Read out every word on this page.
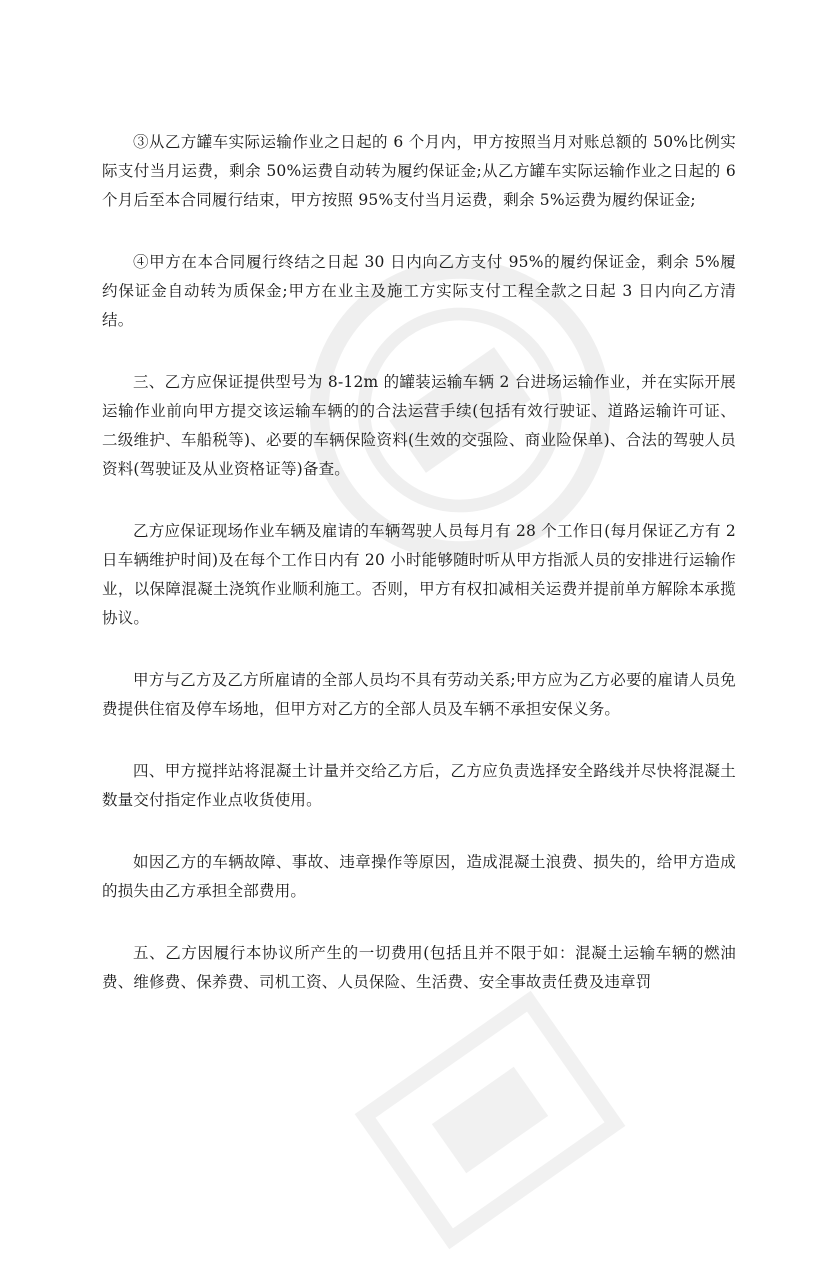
③从乙方罐车实际运输作业之日起的 6 个月内，甲方按照当月对账总额的 50%比例实际支付当月运费，剩余 50%运费自动转为履约保证金;从乙方罐车实际运输作业之日起的 6 个月后至本合同履行结束，甲方按照 95%支付当月运费，剩余 5%运费为履约保证金;

④甲方在本合同履行终结之日起 30 日内向乙方支付 95%的履约保证金，剩余 5%履约保证金自动转为质保金;甲方在业主及施工方实际支付工程全款之日起 3 日内向乙方清结。

三、乙方应保证提供型号为 8-12m 的罐装运输车辆 2 台进场运输作业，并在实际开展运输作业前向甲方提交该运输车辆的的合法运营手续(包括有效行驶证、道路运输许可证、二级维护、车船税等)、必要的车辆保险资料(生效的交强险、商业险保单)、合法的驾驶人员资料(驾驶证及从业资格证等)备查。

乙方应保证现场作业车辆及雇请的车辆驾驶人员每月有 28 个工作日(每月保证乙方有 2 日车辆维护时间)及在每个工作日内有 20 小时能够随时听从甲方指派人员的安排进行运输作业，以保障混凝土浇筑作业顺利施工。否则，甲方有权扣减相关运费并提前单方解除本承揽协议。

甲方与乙方及乙方所雇请的全部人员均不具有劳动关系;甲方应为乙方必要的雇请人员免费提供住宿及停车场地，但甲方对乙方的全部人员及车辆不承担安保义务。

四、甲方搅拌站将混凝土计量并交给乙方后，乙方应负责选择安全路线并尽快将混凝土数量交付指定作业点收货使用。

如因乙方的车辆故障、事故、违章操作等原因，造成混凝土浪费、损失的，给甲方造成的损失由乙方承担全部费用。

五、乙方因履行本协议所产生的一切费用(包括且并不限于如：混凝土运输车辆的燃油费、维修费、保养费、司机工资、人员保险、生活费、安全事故责任费及违章罚
